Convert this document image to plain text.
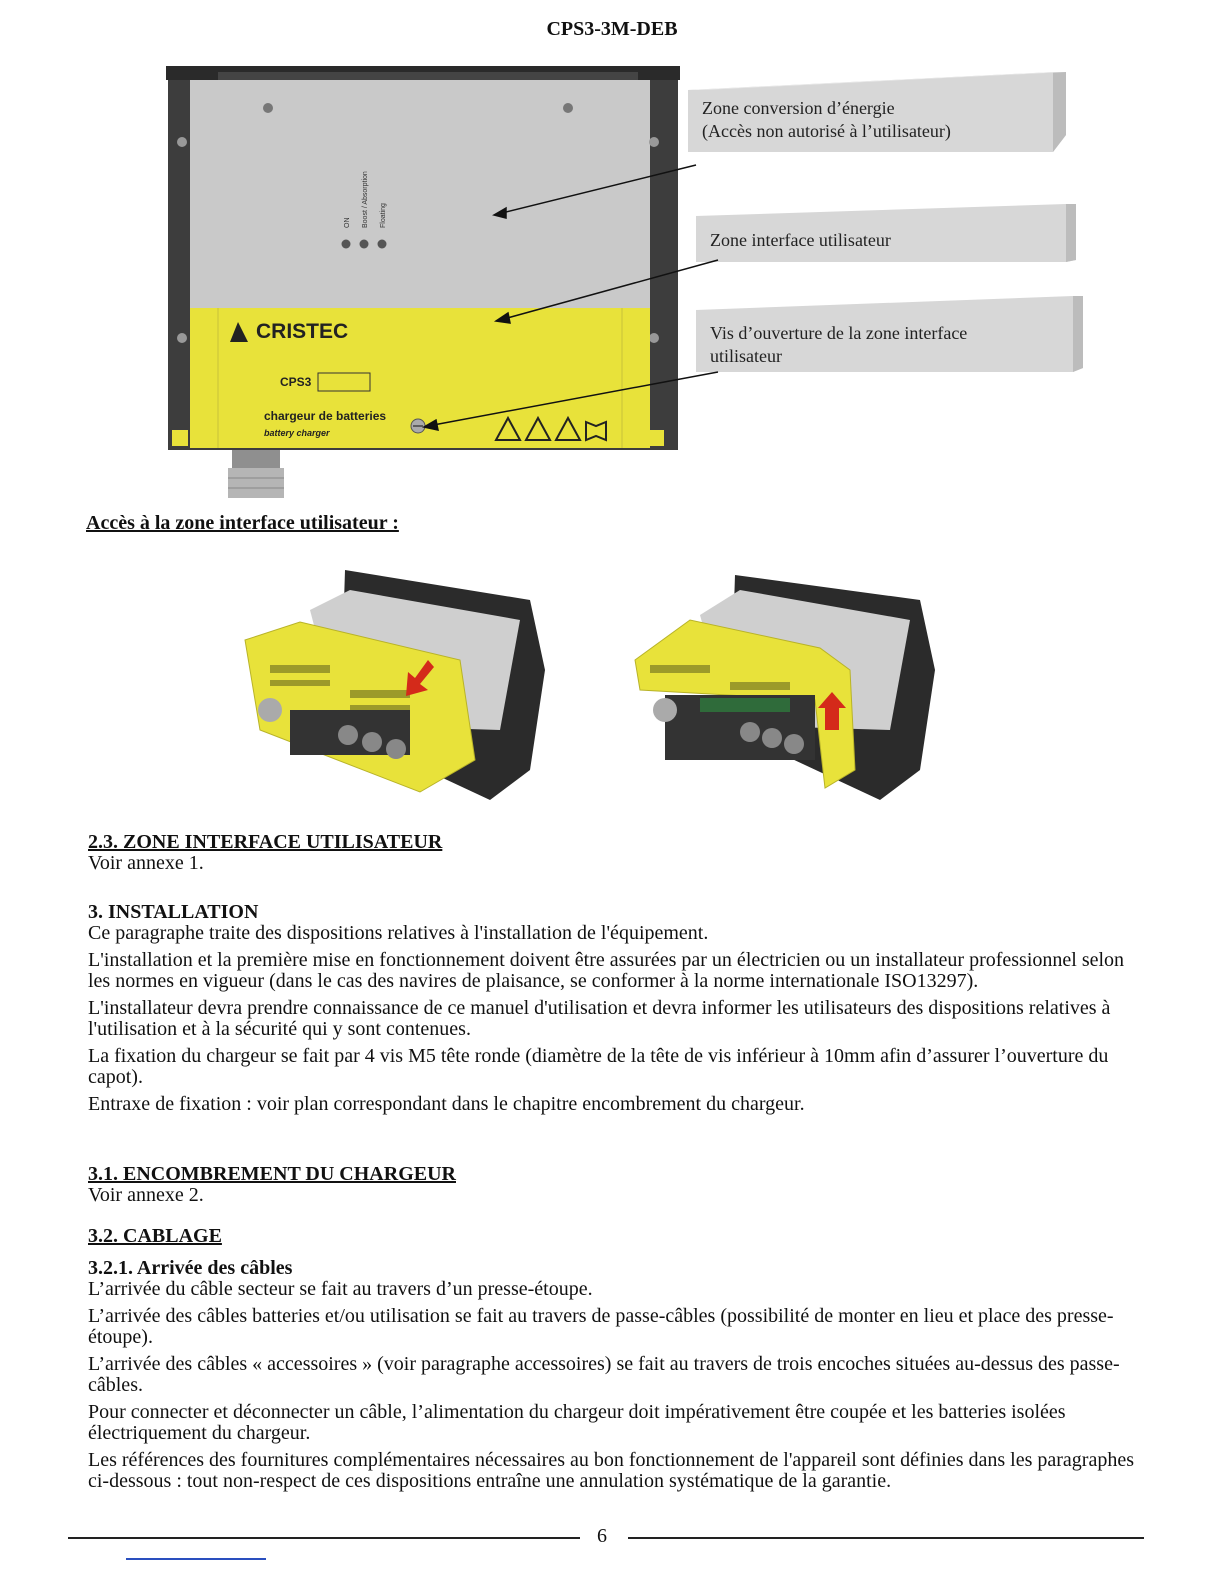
CPS3-3M-DEB
ON Boost / Absorption Floating
CRISTEC
CPS3
chargeur de batteries
battery charger
Zone conversion d’énergie
(Accès non autorisé à l’utilisateur)
Zone interface utilisateur
Vis d’ouverture de la zone interface
utilisateur
Accès à la zone interface utilisateur :

2.3. ZONE INTERFACE UTILISATEUR

Voir annexe 1.

3. INSTALLATION

Ce paragraphe traite des dispositions relatives à l'installation de l'équipement.

L'installation et la première mise en fonctionnement doivent être assurées par un électricien ou un installateur professionnel selon les normes en vigueur (dans le cas des navires de plaisance, se conformer à la norme internationale ISO13297).

L'installateur devra prendre connaissance de ce manuel d'utilisation et devra informer les utilisateurs des dispositions relatives à l'utilisation et à la sécurité qui y sont contenues.

La fixation du chargeur se fait par 4 vis M5 tête ronde (diamètre de la tête de vis inférieur à 10mm afin d’assurer l’ouverture du capot).

Entraxe de fixation : voir plan correspondant dans le chapitre encombrement du chargeur.

3.1. ENCOMBREMENT DU CHARGEUR

Voir annexe 2.

3.2. CABLAGE

3.2.1. Arrivée des câbles

L’arrivée du câble secteur se fait au travers d’un presse-étoupe.

L’arrivée des câbles batteries et/ou utilisation se fait au travers de passe-câbles (possibilité de monter en lieu et place des presse-étoupe).

L’arrivée des câbles « accessoires » (voir paragraphe accessoires) se fait au travers de trois encoches situées au-dessus des passe-câbles.

Pour connecter et déconnecter un câble, l’alimentation du chargeur doit impérativement être coupée et les batteries isolées électriquement du chargeur.

Les références des fournitures complémentaires nécessaires au bon fonctionnement de l'appareil sont définies dans les paragraphes ci-dessous : tout non-respect de ces dispositions entraîne une annulation systématique de la garantie.

6
